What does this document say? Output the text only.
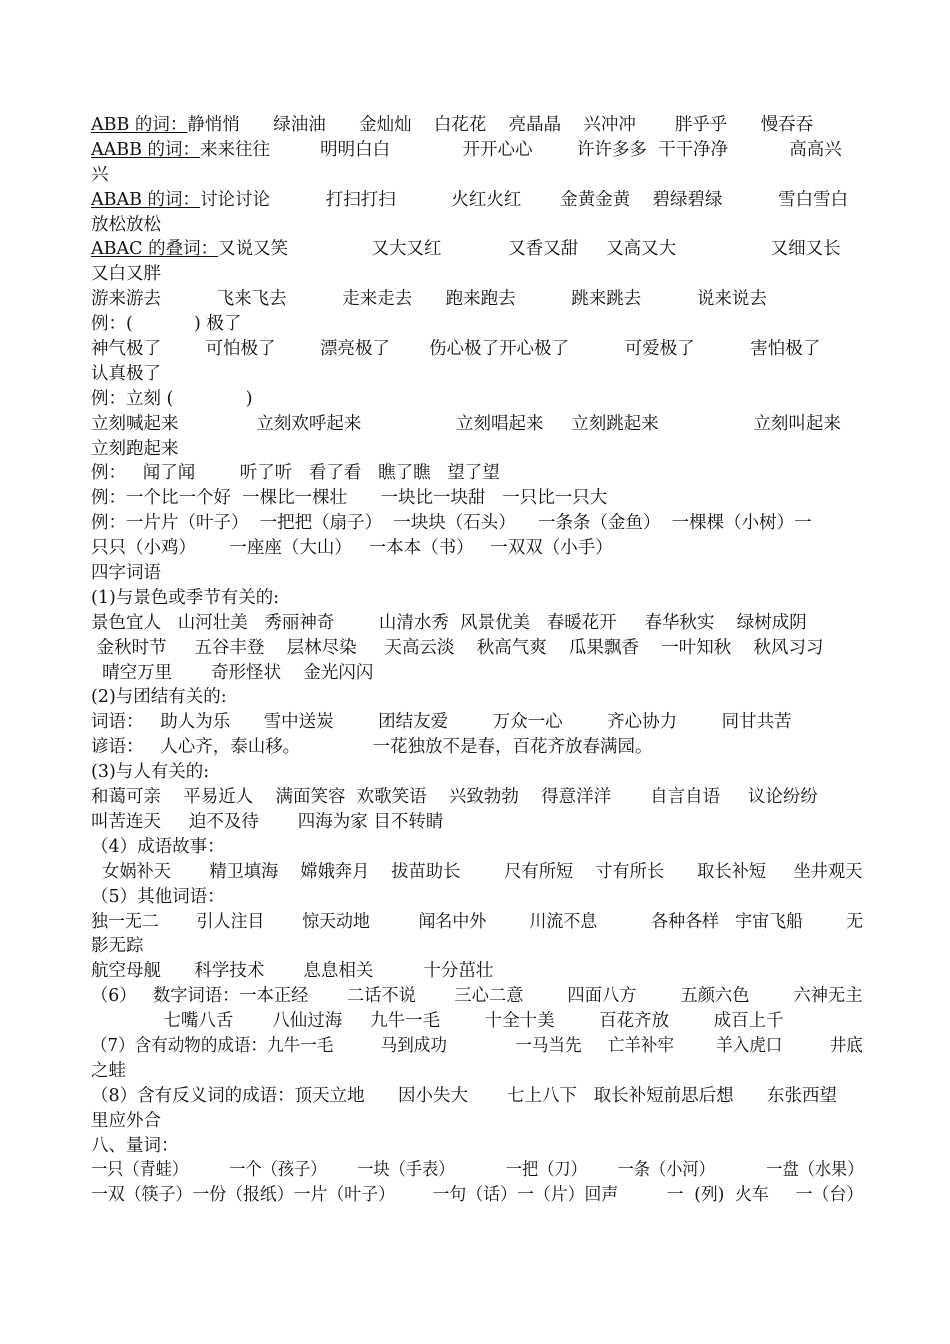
ABB 的词：静悄悄      绿油油      金灿灿    白花花    亮晶晶    兴冲冲       胖乎乎      慢吞吞
AABB 的词：来来往往         明明白白             开开心心        许许多多  干干净净           高高兴
兴
ABAB 的词：讨论讨论          打扫打扫          火红火红       金黄金黄    碧绿碧绿          雪白雪白
放松放松
ABAC 的叠词：又说又笑               又大又红            又香又甜     又高又大                 又细又长
又白又胖
游来游去          飞来飞去          走来走去      跑来跑去          跳来跳去          说来说去
例：(           ) 极了
神气极了        可怕极了        漂亮极了       伤心极了开心极了          可爱极了          害怕极了
认真极了
例：立刻 (             )
立刻喊起来              立刻欢呼起来                 立刻唱起来     立刻跳起来                 立刻叫起来
立刻跑起来
例：   闻了闻        听了听   看了看   瞧了瞧   望了望
例：一个比一个好  一棵比一棵壮      一块比一块甜   一只比一只大
例：一片片（叶子）  一把把（扇子）  一块块（石头）    一条条（金鱼）  一棵棵（小树）一
只只（小鸡）      一座座（大山）   一本本（书）   一双双（小手）
四字词语
(1)与景色或季节有关的:
景色宜人   山河壮美   秀丽神奇        山清水秀  风景优美   春暖花开     春华秋实    绿树成阴
金秋时节     五谷丰登    层林尽染     天高云淡    秋高气爽    瓜果飘香    一叶知秋    秋风习习
晴空万里       奇形怪状    金光闪闪
(2)与团结有关的:
词语：   助人为乐      雪中送炭        团结友爱        万众一心        齐心协力        同甘共苦
谚语：   人心齐，泰山移。             一花独放不是春，百花齐放春满园。
(3)与人有关的:
和蔼可亲    平易近人    满面笑容  欢歌笑语    兴致勃勃    得意洋洋       自言自语     议论纷纷
叫苦连天     迫不及待       四海为家 目不转睛
（4）成语故事：
女娲补天       精卫填海    嫦娥奔月    拔苗助长        尺有所短    寸有所长      取长补短     坐井观天
（5）其他词语：
独一无二       引人注目       惊天动地         闻名中外        川流不息          各种各样   宇宙飞船        无
影无踪
航空母舰      科学技术       息息相关         十分茁壮
（6）   数字词语：一本正经       二话不说       三心二意        四面八方        五颜六色        六神无主
七嘴八舌       八仙过海     九牛一毛        十全十美        百花齐放        成百上千
（7）含有动物的成语：九牛一毛         马到成功             一马当先     亡羊补牢        羊入虎口         井底
之蛙
（8）含有反义词的成语：顶天立地      因小失大       七上八下   取长补短前思后想      东张西望
里应外合
八、量词：
一只（青蛙）        一个（孩子）      一块（手表）          一把（刀）      一条（小河）          一盘（水果）
一双（筷子）一份（报纸）一片（叶子）       一句（话）一（片）回声         一  (列)  火车     一（台）
